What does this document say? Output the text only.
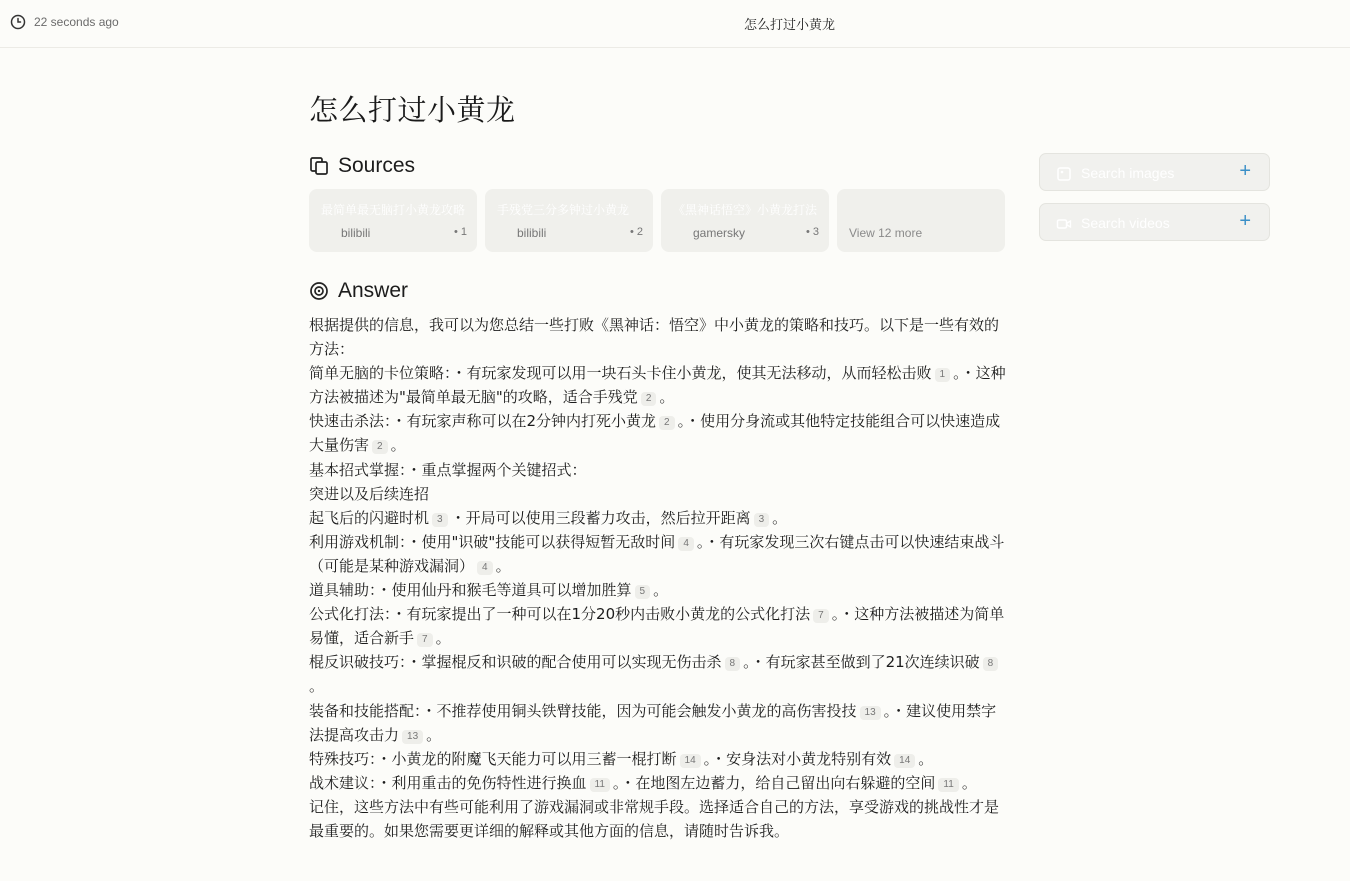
22 seconds ago	怎么打过小黄龙
怎么打过小黄龙
Sources
最简单最无脑打小黄龙攻略
bilibili	• 1
手残党三分多钟过小黄龙
bilibili	• 2
《黑神话悟空》小黄龙打法
gamersky	• 3	View 12 more
Search images	+
Search videos	+
Answer

根据提供的信息，我可以为您总结一些打败《黑神话：悟空》中小黄龙的策略和技巧。以下是一些有效的方法：

简单无脑的卡位策略：・有玩家发现可以用一块石头卡住小黄龙，使其无法移动，从而轻松击败 1 。・这种方法被描述为"最简单最无脑"的攻略，适合手残党 2 。

快速击杀法：・有玩家声称可以在2分钟内打死小黄龙 2 。・使用分身流或其他特定技能组合可以快速造成大量伤害 2 。

基本招式掌握：・重点掌握两个关键招式：

突进以及后续连招

起飞后的闪避时机 3 ・开局可以使用三段蓄力攻击，然后拉开距离 3 。

利用游戏机制：・使用"识破"技能可以获得短暂无敌时间 4 。・有玩家发现三次右键点击可以快速结束战斗（可能是某种游戏漏洞） 4 。

道具辅助：・使用仙丹和猴毛等道具可以增加胜算 5 。

公式化打法：・有玩家提出了一种可以在1分20秒内击败小黄龙的公式化打法 7 。・这种方法被描述为简单易懂，适合新手 7 。

棍反识破技巧：・掌握棍反和识破的配合使用可以实现无伤击杀 8 。・有玩家甚至做到了21次连续识破 8。

装备和技能搭配：・不推荐使用铜头铁臂技能，因为可能会触发小黄龙的高伤害投技 13 。・建议使用禁字法提高攻击力 13 。

特殊技巧：・小黄龙的附魔飞天能力可以用三蓄一棍打断 14 。・安身法对小黄龙特别有效 14 。

战术建议：・利用重击的免伤特性进行换血 11 。・在地图左边蓄力，给自己留出向右躲避的空间 11 。

记住，这些方法中有些可能利用了游戏漏洞或非常规手段。选择适合自己的方法，享受游戏的挑战性才是最重要的。如果您需要更详细的解释或其他方面的信息，请随时告诉我。
